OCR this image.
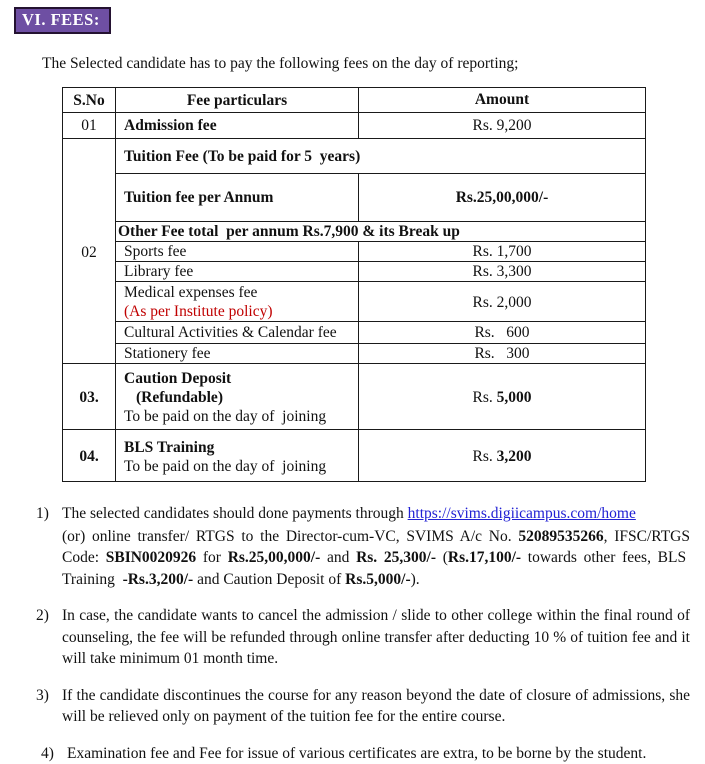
VI. FEES:
The Selected candidate has to pay the following fees on the day of reporting;
S.No	Fee particulars	Amount
01	Admission fee	Rs. 9,200
02	Tuition Fee (To be paid for 5  years)	
	Tuition fee per Annum	Rs.25,00,000/-
	Other Fee total  per annum Rs.7,900 & its Break up	
	Sports fee	Rs. 1,700
	Library fee	Rs. 3,300

	Medical expenses fee
(As per Institute policy)	Rs. 2,000
	Cultural Activities & Calendar fee	Rs.   600
	Stationery fee	Rs.   300
03.	Caution Deposit
(Refundable)
To be paid on the day of  joining	Rs. 5,000
04.	BLS Training
To be paid on the day of  joining	Rs. 3,200
1) The selected candidates should done payments through https://svims.digiicampus.com/home
(or) online transfer/ RTGS to the Director-cum-VC, SVIMS A/c No. 52089535266, IFSC/RTGS Code: SBIN0020926 for Rs.25,00,000/- and Rs. 25,300/- (Rs.17,100/- towards other fees, BLS  Training  -Rs.3,200/- and Caution Deposit of Rs.5,000/-).
2) In case, the candidate wants to cancel the admission / slide to other college within the final round of counseling, the fee will be refunded through online transfer after deducting 10 % of tuition fee and it will take minimum 01 month time.
3) If the candidate discontinues the course for any reason beyond the date of closure of admissions, she will be relieved only on payment of the tuition fee for the entire course.
4) Examination fee and Fee for issue of various certificates are extra, to be borne by the student.
